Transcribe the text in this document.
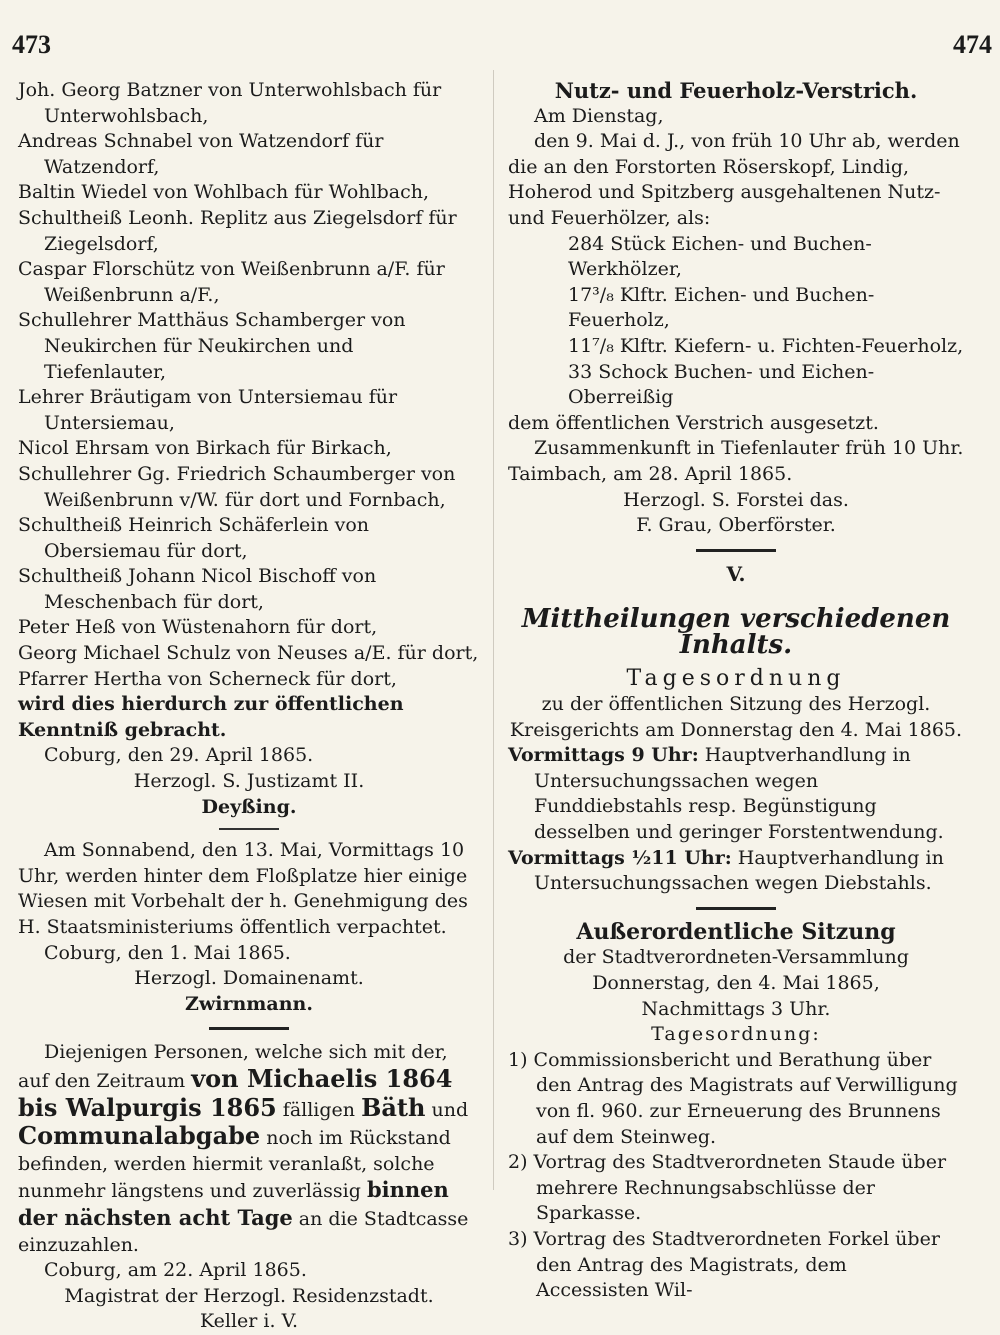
473	474

Joh. Georg Batzner von Unterwohlsbach für Unterwohlsbach,

Andreas Schnabel von Watzendorf für Watzendorf,

Baltin Wiedel von Wohlbach für Wohlbach,

Schultheiß Leonh. Replitz aus Ziegelsdorf für Ziegelsdorf,

Caspar Florschütz von Weißenbrunn a/F. für Weißenbrunn a/F.,

Schullehrer Matthäus Schamberger von Neukirchen für Neukirchen und Tiefenlauter,

Lehrer Bräutigam von Untersiemau für Untersiemau,

Nicol Ehrsam von Birkach für Birkach,

Schullehrer Gg. Friedrich Schaumberger von Weißenbrunn v/W. für dort und Fornbach,

Schultheiß Heinrich Schäferlein von Obersiemau für dort,

Schultheiß Johann Nicol Bischoff von Meschenbach für dort,

Peter Heß von Wüstenahorn für dort,

Georg Michael Schulz von Neuses a/E. für dort,

Pfarrer Hertha von Scherneck für dort,

wird dies hierdurch zur öffentlichen Kenntniß gebracht.

Coburg, den 29. April 1865.

Herzogl. S. Justizamt II.

Deyßing.

Am Sonnabend, den 13. Mai, Vormittags 10 Uhr, werden hinter dem Floßplatze hier einige Wiesen mit Vorbehalt der h. Genehmigung des H. Staatsministeriums öffentlich verpachtet.

Coburg, den 1. Mai 1865.

Herzogl. Domainenamt.

Zwirnmann.

Diejenigen Personen, welche sich mit der, auf den Zeitraum von Michaelis 1864 bis Walpurgis 1865 fälligen Bäth und Communalabgabe noch im Rückstand befinden, werden hiermit veranlaßt, solche nunmehr längstens und zuverlässig binnen der nächsten acht Tage an die Stadtcasse einzuzahlen.

Coburg, am 22. April 1865.

Magistrat der Herzogl. Residenzstadt.

Keller i. V.

Nutz- und Feuerholz-Verstrich.

Am Dienstag,

den 9. Mai d. J., von früh 10 Uhr ab, werden die an den Forstorten Röserskopf, Lindig, Hoherod und Spitzberg ausgehaltenen Nutz- und Feuerhölzer, als:

284 Stück Eichen- und Buchen-Werkhölzer,

17³/₈ Klftr. Eichen- und Buchen-Feuerholz,

11⁷/₈ Klftr. Kiefern- u. Fichten-Feuerholz,

33 Schock Buchen- und Eichen-Oberreißig

dem öffentlichen Verstrich ausgesetzt.

Zusammenkunft in Tiefenlauter früh 10 Uhr.

Taimbach, am 28. April 1865.

Herzogl. S. Forstei das.

F. Grau, Oberförster.

V.

Mittheilungen verschiedenen Inhalts.

Tagesordnung

zu der öffentlichen Sitzung des Herzogl. Kreisgerichts am Donnerstag den 4. Mai 1865.

Vormittags 9 Uhr: Hauptverhandlung in Untersuchungssachen wegen Funddiebstahls resp. Begünstigung desselben und geringer Forstentwendung.

Vormittags ½11 Uhr: Hauptverhandlung in Untersuchungssachen wegen Diebstahls.

Außerordentliche Sitzung

der Stadtverordneten-Versammlung

Donnerstag, den 4. Mai 1865,

Nachmittags 3 Uhr.

Tagesordnung:

1) Commissionsbericht und Berathung über den Antrag des Magistrats auf Verwilligung von fl. 960. zur Erneuerung des Brunnens auf dem Steinweg.

2) Vortrag des Stadtverordneten Staude über mehrere Rechnungsabschlüsse der Sparkasse.

3) Vortrag des Stadtverordneten Forkel über den Antrag des Magistrats, dem Accessisten Wil-
